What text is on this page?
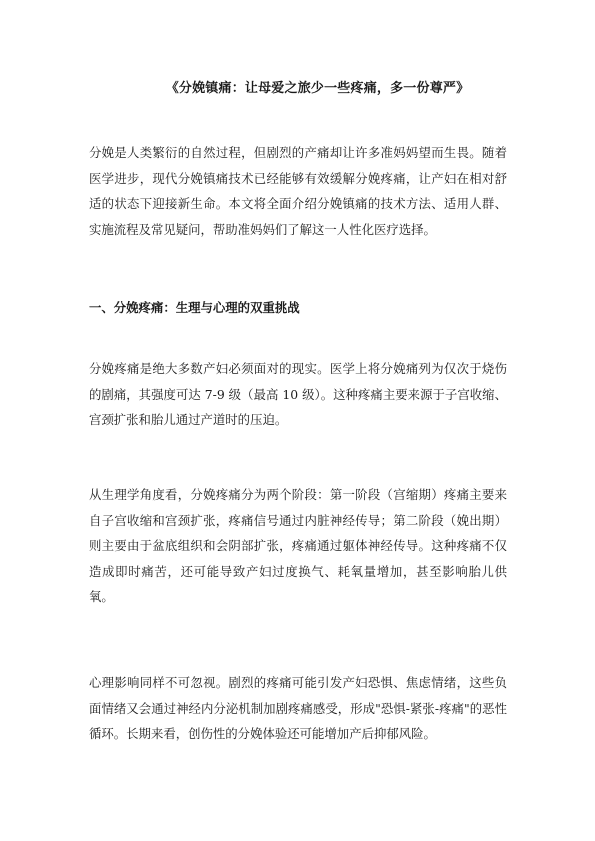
《分娩镇痛：让母爱之旅少一些疼痛，多一份尊严》

分娩是人类繁衍的自然过程，但剧烈的产痛却让许多准妈妈望而生畏。随着医学进步，现代分娩镇痛技术已经能够有效缓解分娩疼痛，让产妇在相对舒适的状态下迎接新生命。本文将全面介绍分娩镇痛的技术方法、适用人群、实施流程及常见疑问，帮助准妈妈们了解这一人性化医疗选择。

一、分娩疼痛：生理与心理的双重挑战

分娩疼痛是绝大多数产妇必须面对的现实。医学上将分娩痛列为仅次于烧伤的剧痛，其强度可达 7-9 级（最高 10 级）。这种疼痛主要来源于子宫收缩、宫颈扩张和胎儿通过产道时的压迫。

从生理学角度看，分娩疼痛分为两个阶段：第一阶段（宫缩期）疼痛主要来自子宫收缩和宫颈扩张，疼痛信号通过内脏神经传导；第二阶段（娩出期）则主要由于盆底组织和会阴部扩张，疼痛通过躯体神经传导。这种疼痛不仅造成即时痛苦，还可能导致产妇过度换气、耗氧量增加，甚至影响胎儿供氧。

心理影响同样不可忽视。剧烈的疼痛可能引发产妇恐惧、焦虑情绪，这些负面情绪又会通过神经内分泌机制加剧疼痛感受，形成"恐惧-紧张-疼痛"的恶性循环。长期来看，创伤性的分娩体验还可能增加产后抑郁风险。
